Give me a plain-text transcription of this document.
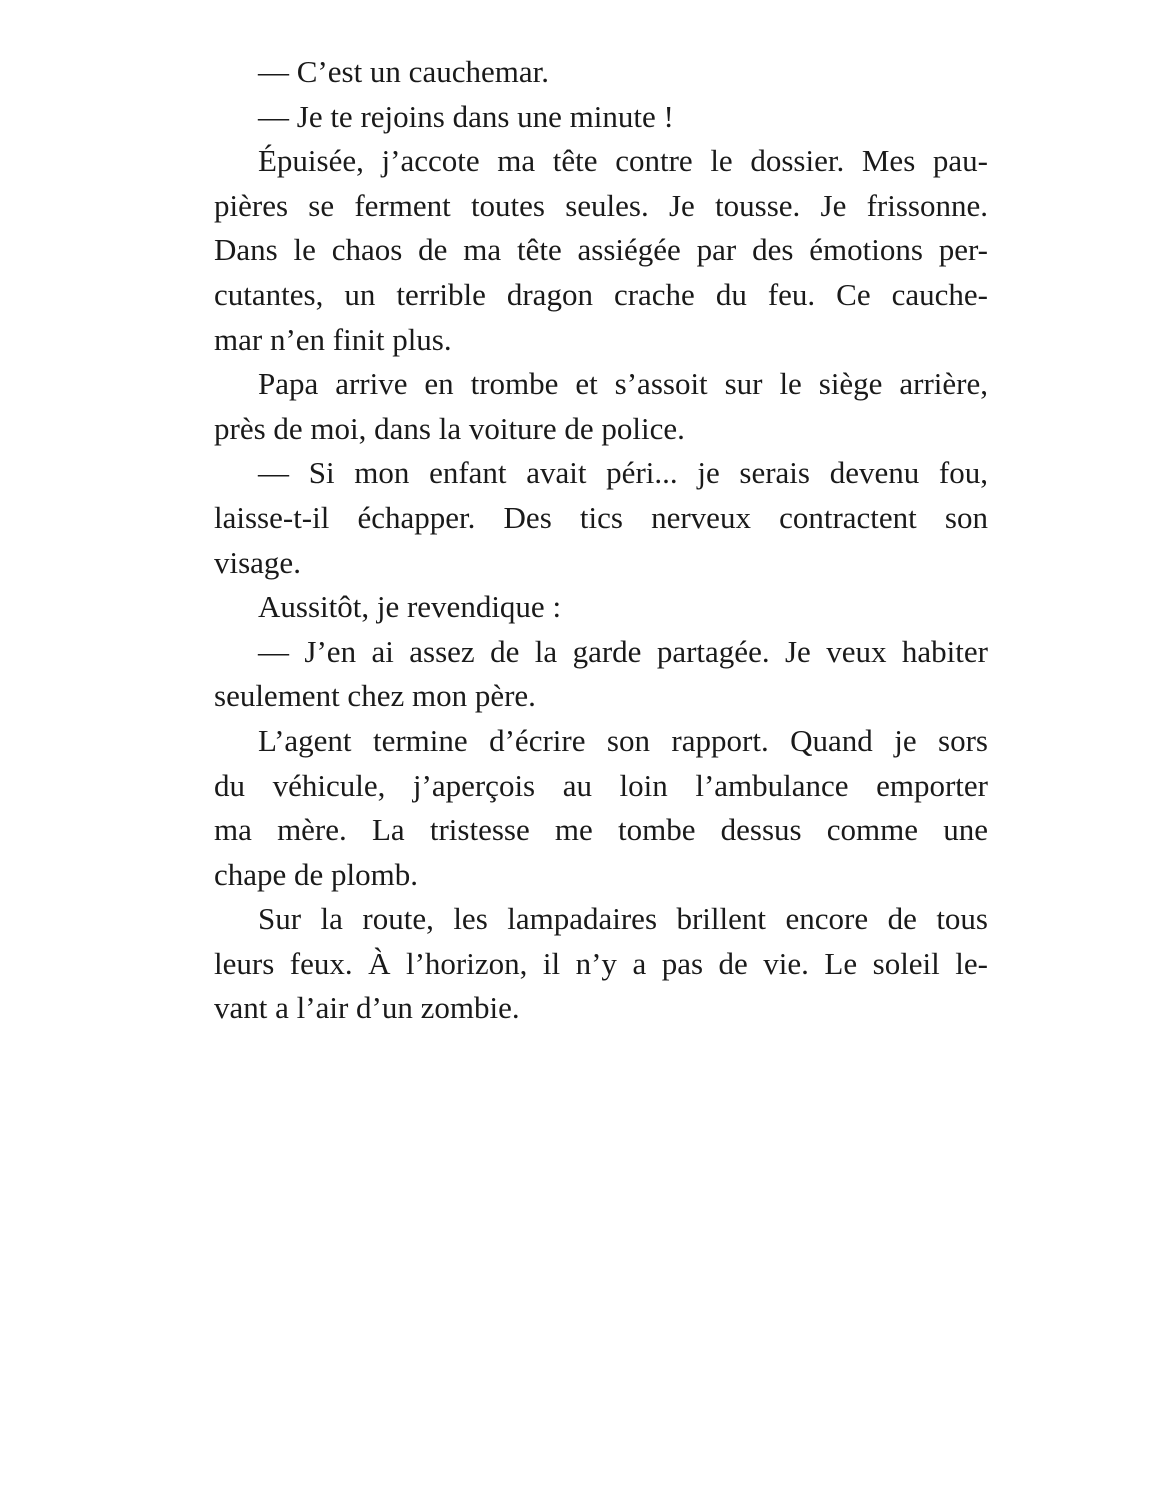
— C’est un cauchemar.
— Je te rejoins dans une minute !
Épuisée, j’accote ma tête contre le dossier. Mes pau-
pières se ferment toutes seules. Je tousse. Je frissonne.
Dans le chaos de ma tête assiégée par des émotions per-
cutantes, un terrible dragon crache du feu. Ce cauche-
mar n’en finit plus.
Papa arrive en trombe et s’assoit sur le siège arrière,
près de moi, dans la voiture de police.
— Si mon enfant avait péri... je serais devenu fou,
laisse-t-il échapper. Des tics nerveux contractent son
visage.
Aussitôt, je revendique :
— J’en ai assez de la garde partagée. Je veux habiter
seulement chez mon père.
L’agent termine d’écrire son rapport. Quand je sors
du véhicule, j’aperçois au loin l’ambulance emporter
ma mère. La tristesse me tombe dessus comme une
chape de plomb.
Sur la route, les lampadaires brillent encore de tous
leurs feux. À l’horizon, il n’y a pas de vie. Le soleil le-
vant a l’air d’un zombie.
